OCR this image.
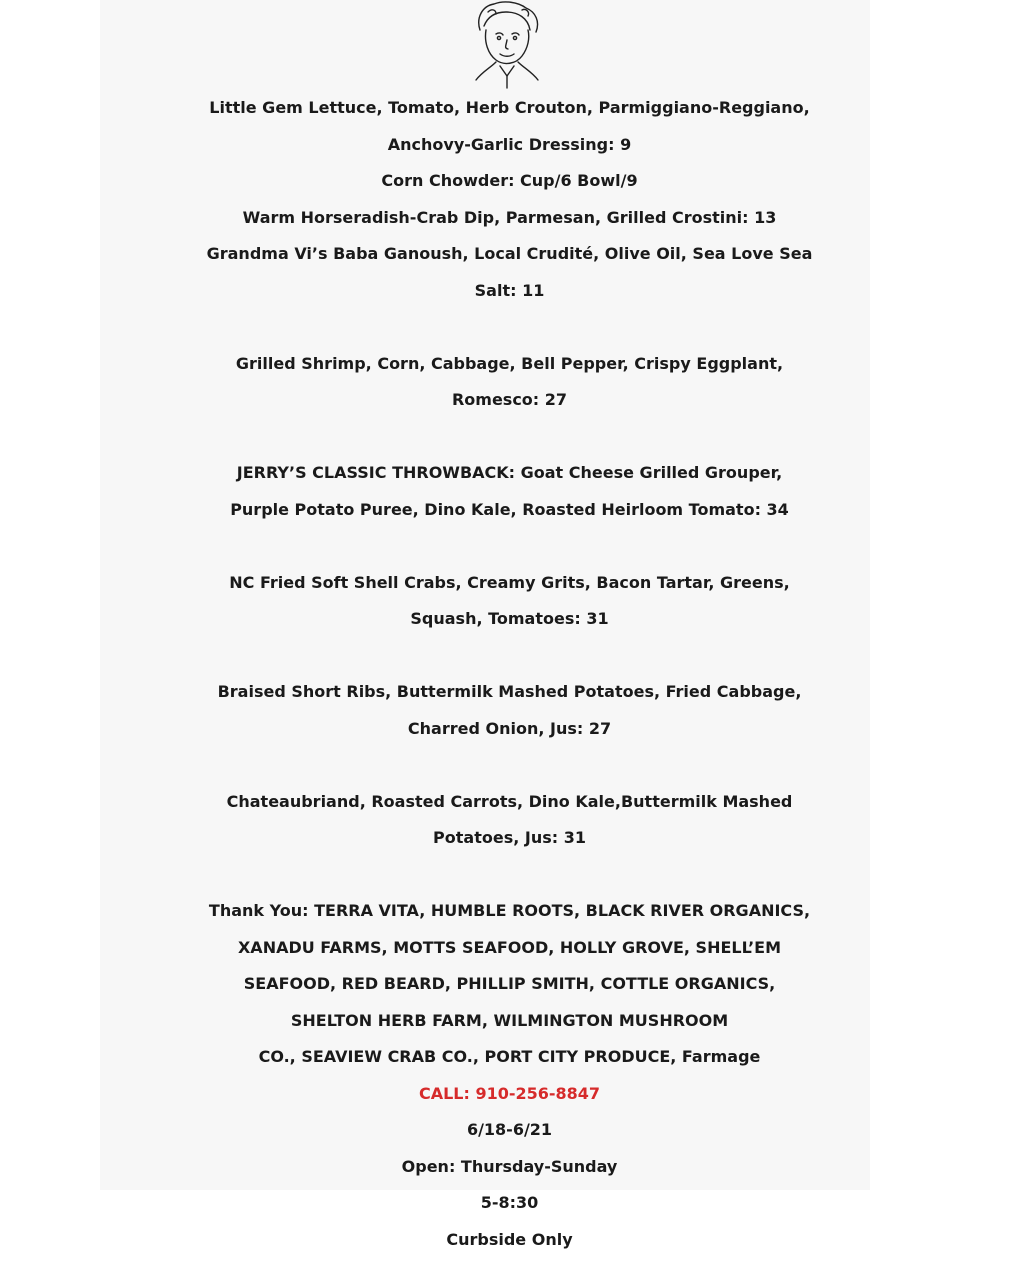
Little Gem Lettuce, Tomato, Herb Crouton, Parmiggiano-Reggiano,
Anchovy-Garlic Dressing: 9
Corn Chowder: Cup/6 Bowl/9
Warm Horseradish-Crab Dip, Parmesan, Grilled Crostini: 13
Grandma Vi’s Baba Ganoush, Local Crudité, Olive Oil, Sea Love Sea
Salt: 11
Grilled Shrimp, Corn, Cabbage, Bell Pepper, Crispy Eggplant,
Romesco: 27
JERRY’S CLASSIC THROWBACK: Goat Cheese Grilled Grouper,
Purple Potato Puree, Dino Kale, Roasted Heirloom Tomato: 34
NC Fried Soft Shell Crabs, Creamy Grits, Bacon Tartar, Greens,
Squash, Tomatoes: 31
Braised Short Ribs, Buttermilk Mashed Potatoes, Fried Cabbage,
Charred Onion, Jus: 27
Chateaubriand, Roasted Carrots, Dino Kale,Buttermilk Mashed
Potatoes, Jus: 31
Thank You: TERRA VITA, HUMBLE ROOTS, BLACK RIVER ORGANICS,
XANADU FARMS, MOTTS SEAFOOD, HOLLY GROVE, SHELL’EM
SEAFOOD, RED BEARD, PHILLIP SMITH, COTTLE ORGANICS,
SHELTON HERB FARM, WILMINGTON MUSHROOM
CO., SEAVIEW CRAB CO., PORT CITY PRODUCE, Farmage
CALL: 910-256-8847
6/18-6/21
Open: Thursday-Sunday
5-8:30
Curbside Only
